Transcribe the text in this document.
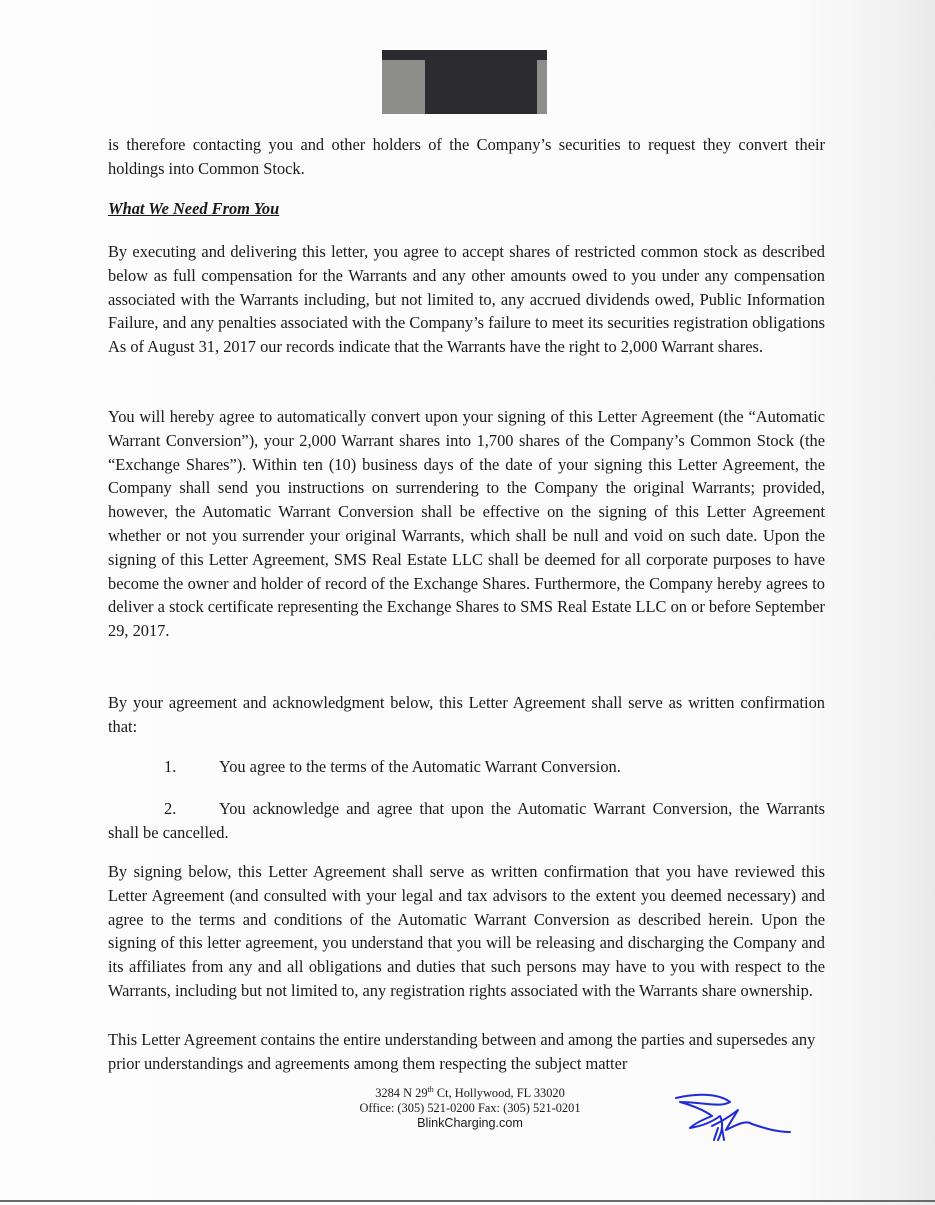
is therefore contacting you and other holders of the Company’s securities to request they convert their holdings into Common Stock.

What We Need From You

By executing and delivering this letter, you agree to accept shares of restricted common stock as described below as full compensation for the Warrants and any other amounts owed to you under any compensation associated with the Warrants including, but not limited to, any accrued dividends owed, Public Information Failure, and any penalties associated with the Company’s failure to meet its securities registration obligations As of August 31, 2017 our records indicate that the Warrants have the right to 2,000 Warrant shares.

You will hereby agree to automatically convert upon your signing of this Letter Agreement (the “Automatic Warrant Conversion”), your 2,000 Warrant shares into 1,700 shares of the Company’s Common Stock (the “Exchange Shares”). Within ten (10) business days of the date of your signing this Letter Agreement, the Company shall send you instructions on surrendering to the Company the original Warrants; provided, however, the Automatic Warrant Conversion shall be effective on the signing of this Letter Agreement whether or not you surrender your original Warrants, which shall be null and void on such date. Upon the signing of this Letter Agreement, SMS Real Estate LLC shall be deemed for all corporate purposes to have become the owner and holder of record of the Exchange Shares. Furthermore, the Company hereby agrees to deliver a stock certificate representing the Exchange Shares to SMS Real Estate LLC on or before September 29, 2017.

By your agreement and acknowledgment below, this Letter Agreement shall serve as written confirmation that:

1.	You agree to the terms of the Automatic Warrant Conversion.
2.	You acknowledge and agree that upon the Automatic Warrant Conversion, the Warrants shall be cancelled.

By signing below, this Letter Agreement shall serve as written confirmation that you have reviewed this Letter Agreement (and consulted with your legal and tax advisors to the extent you deemed necessary) and agree to the terms and conditions of the Automatic Warrant Conversion as described herein. Upon the signing of this letter agreement, you understand that you will be releasing and discharging the Company and its affiliates from any and all obligations and duties that such persons may have to you with respect to the Warrants, including but not limited to, any registration rights associated with the Warrants share ownership.

This Letter Agreement contains the entire understanding between and among the parties and supersedes any prior understandings and agreements among them respecting the subject matter

3284 N 29th Ct, Hollywood, FL 33020
Office: (305) 521-0200 Fax: (305) 521-0201
BlinkCharging.com
